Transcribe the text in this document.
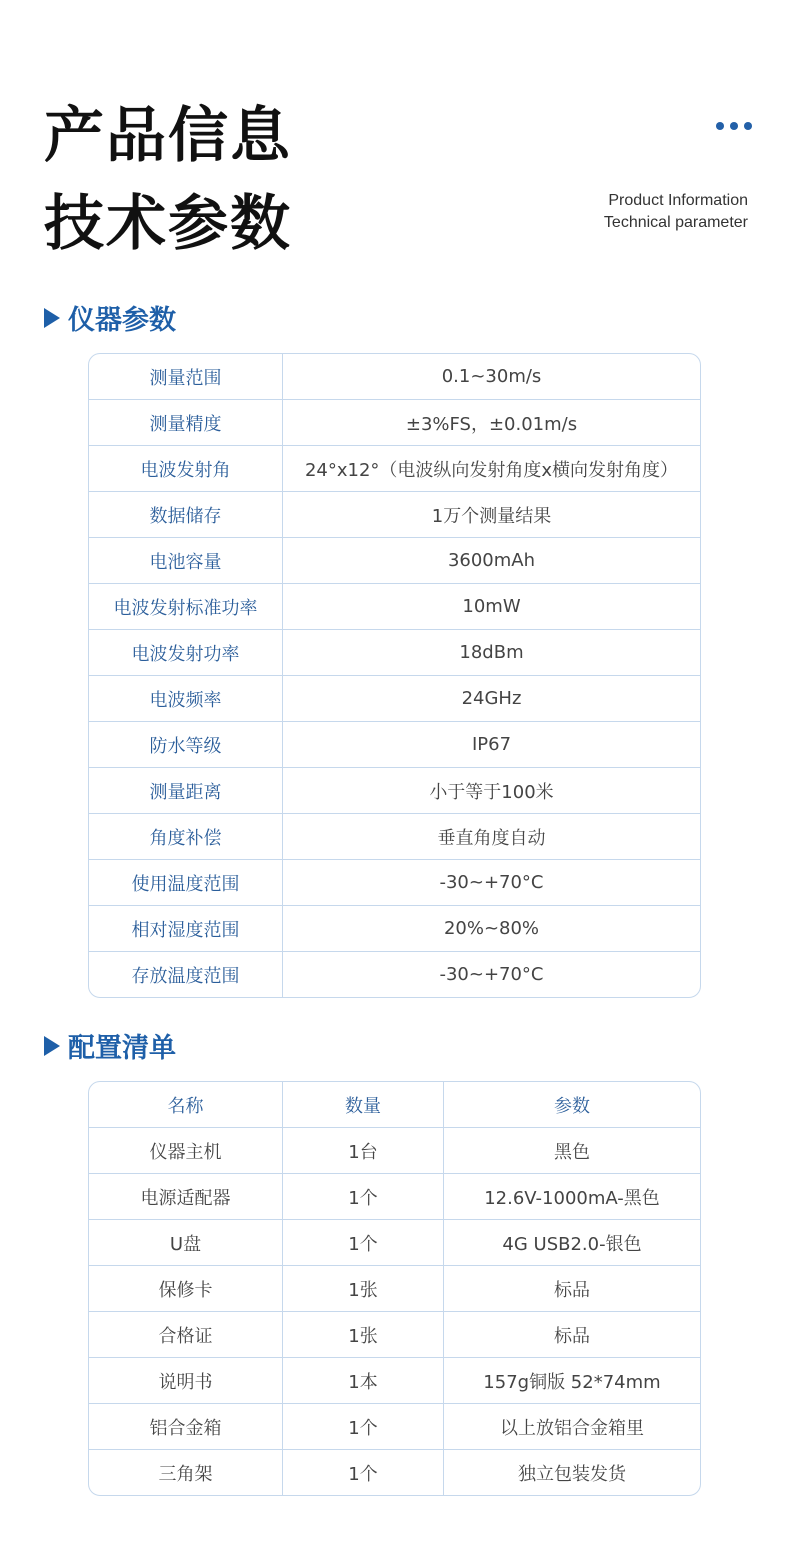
产品信息
技术参数	Product Information
Technical parameter
仪器参数
测量范围	0.1~30m/s
测量精度	±3%FS，±0.01m/s
电波发射角	24°x12°（电波纵向发射角度x横向发射角度）
数据储存	1万个测量结果
电池容量	3600mAh
电波发射标准功率	10mW
电波发射功率	18dBm
电波频率	24GHz
防水等级	IP67
测量距离	小于等于100米
角度补偿	垂直角度自动
使用温度范围	-30~+70°C
相对湿度范围	20%~80%
存放温度范围	-30~+70°C
配置清单
名称	数量	参数
仪器主机	1台	黑色
电源适配器	1个	12.6V-1000mA-黑色
U盘	1个	4G USB2.0-银色
保修卡	1张	标品
合格证	1张	标品
说明书	1本	157g铜版 52*74mm
铝合金箱	1个	以上放铝合金箱里
三角架	1个	独立包装发货
